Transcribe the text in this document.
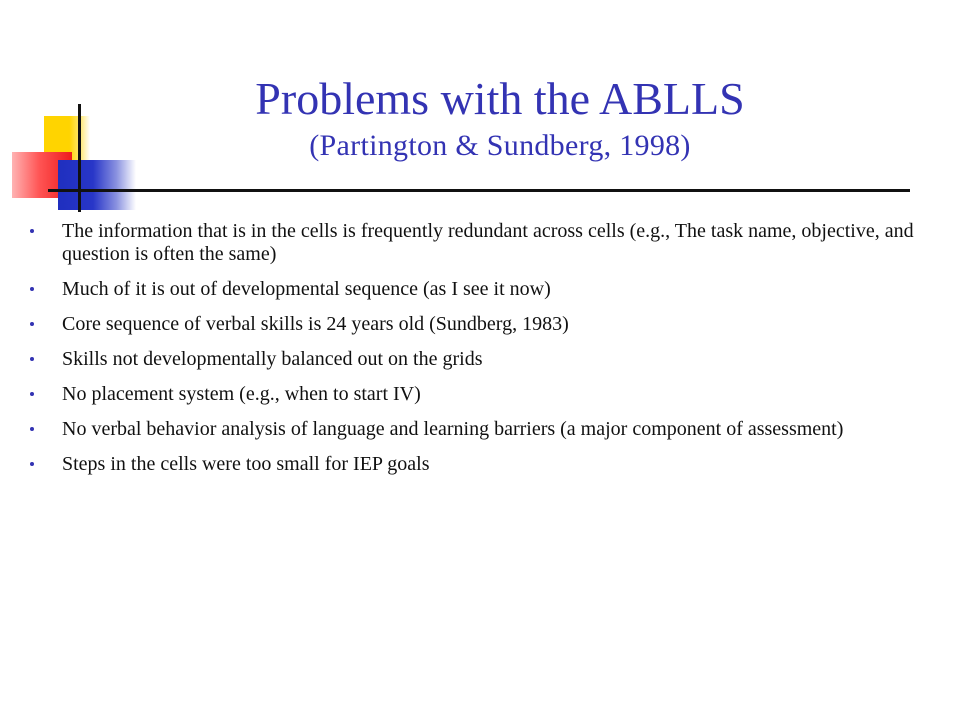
Problems with the ABLLS
(Partington & Sundberg, 1998)
The information that is in the cells is frequently redundant across cells (e.g., The task name, objective, and question is often the same)
Much of it is out of developmental sequence (as I see it now)
Core sequence of verbal skills is 24 years old (Sundberg, 1983)
Skills not developmentally balanced out on the grids
No placement system (e.g., when to start IV)
No verbal behavior analysis of language and learning barriers (a major component of assessment)
Steps in the cells were too small for IEP goals
